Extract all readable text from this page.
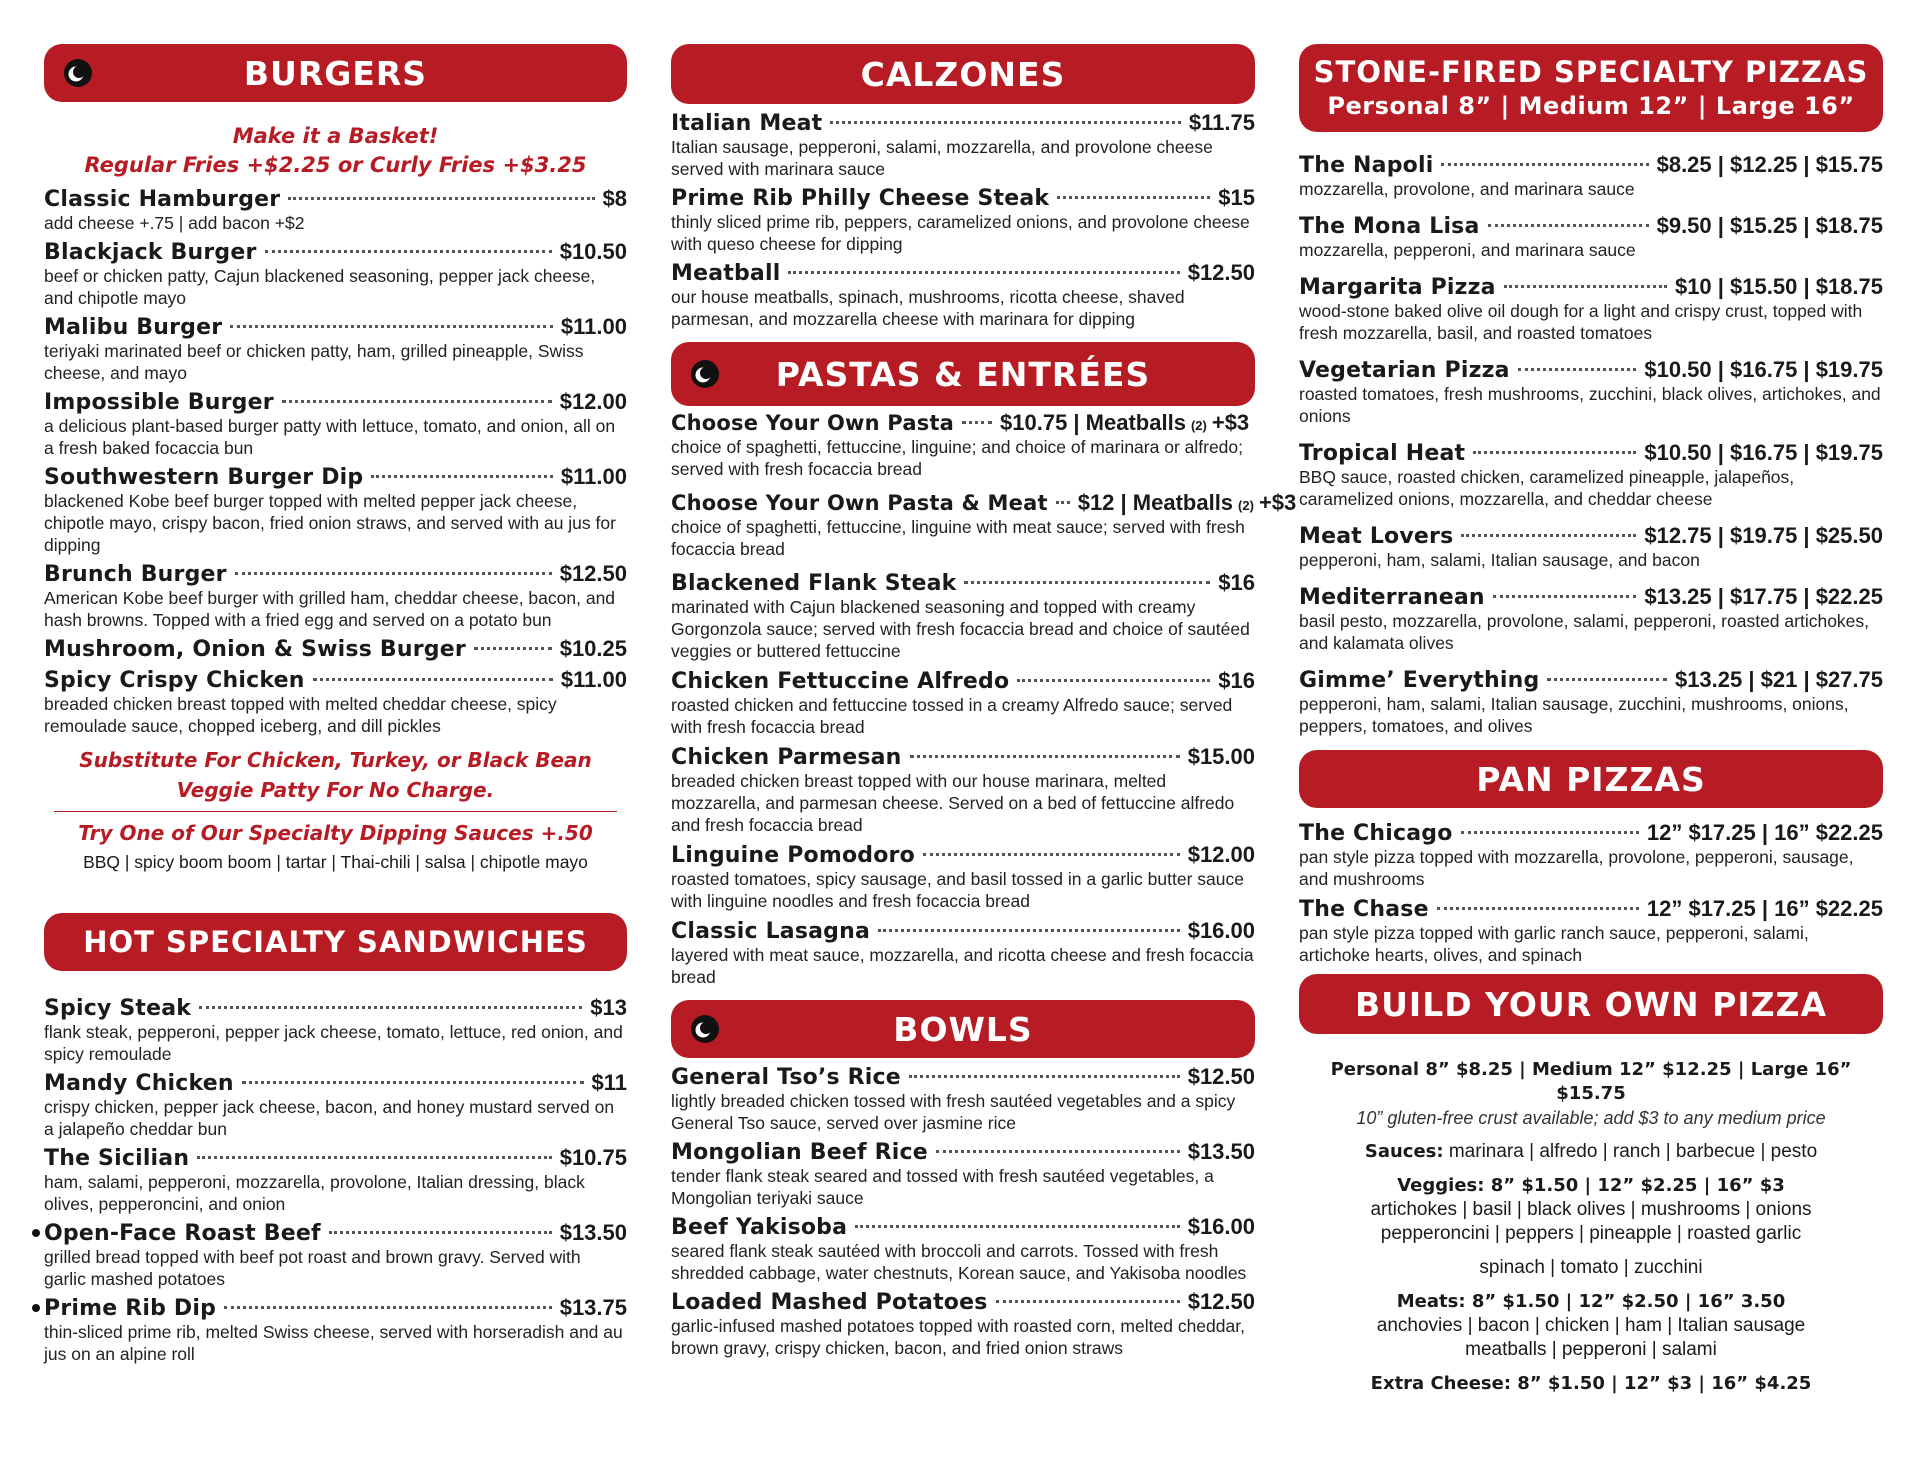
BURGERS
Make it a Basket!
Regular Fries +$2.25 or Curly Fries +$3.25
Classic Hamburger	$8
add cheese +.75 | add bacon +$2
Blackjack Burger	$10.50
beef or chicken patty, Cajun blackened seasoning, pepper jack cheese, and chipotle mayo
Malibu Burger	$11.00
teriyaki marinated beef or chicken patty, ham, grilled pineapple, Swiss cheese, and mayo
Impossible Burger	$12.00
a delicious plant-based burger patty with lettuce, tomato, and onion, all on a fresh baked focaccia bun
Southwestern Burger Dip	$11.00
blackened Kobe beef burger topped with melted pepper jack cheese, chipotle mayo, crispy bacon, fried onion straws, and served with au jus for dipping
Brunch Burger	$12.50
American Kobe beef burger with grilled ham, cheddar cheese, bacon, and hash browns. Topped with a fried egg and served on a potato bun
Mushroom, Onion & Swiss Burger	$10.25
Spicy Crispy Chicken	$11.00
breaded chicken breast topped with melted cheddar cheese, spicy remoulade sauce, chopped iceberg, and dill pickles
Substitute For Chicken, Turkey, or Black Bean
Veggie Patty For No Charge.
Try One of Our Specialty Dipping Sauces +.50
BBQ | spicy boom boom | tartar | Thai-chili | salsa | chipotle mayo
HOT SPECIALTY SANDWICHES
Spicy Steak	$13
flank steak, pepperoni, pepper jack cheese, tomato, lettuce, red onion, and spicy remoulade
Mandy Chicken	$11
crispy chicken, pepper jack cheese, bacon, and honey mustard served on a jalapeño cheddar bun
The Sicilian	$10.75
ham, salami, pepperoni, mozzarella, provolone, Italian dressing, black olives, pepperoncini, and onion
Open-Face Roast Beef	$13.50
grilled bread topped with beef pot roast and brown gravy. Served with garlic mashed potatoes
Prime Rib Dip	$13.75
thin-sliced prime rib, melted Swiss cheese, served with horseradish and au jus on an alpine roll
CALZONES
Italian Meat	$11.75
Italian sausage, pepperoni, salami, mozzarella, and provolone cheese served with marinara sauce
Prime Rib Philly Cheese Steak	$15
thinly sliced prime rib, peppers, caramelized onions, and provolone cheese with queso cheese for dipping
Meatball	$12.50
our house meatballs, spinach, mushrooms, ricotta cheese, shaved parmesan, and mozzarella cheese with marinara for dipping
PASTAS & ENTRÉES
Choose Your Own Pasta $10.75 | Meatballs (2) +$3
choice of spaghetti, fettuccine, linguine; and choice of marinara or alfredo; served with fresh focaccia bread
Choose Your Own Pasta & Meat $12 | Meatballs (2) +$3
choice of spaghetti, fettuccine, linguine with meat sauce; served with fresh focaccia bread
Blackened Flank Steak	$16
marinated with Cajun blackened seasoning and topped with creamy Gorgonzola sauce; served with fresh focaccia bread and choice of sautéed veggies or buttered fettuccine
Chicken Fettuccine Alfredo	$16
roasted chicken and fettuccine tossed in a creamy Alfredo sauce; served with fresh focaccia bread
Chicken Parmesan	$15.00
breaded chicken breast topped with our house marinara, melted mozzarella, and parmesan cheese. Served on a bed of fettuccine alfredo and fresh focaccia bread
Linguine Pomodoro	$12.00
roasted tomatoes, spicy sausage, and basil tossed in a garlic butter sauce with linguine noodles and fresh focaccia bread
Classic Lasagna	$16.00
layered with meat sauce, mozzarella, and ricotta cheese and fresh focaccia bread
BOWLS
General Tso’s Rice	$12.50
lightly breaded chicken tossed with fresh sautéed vegetables and a spicy General Tso sauce, served over jasmine rice
Mongolian Beef Rice	$13.50
tender flank steak seared and tossed with fresh sautéed vegetables, a Mongolian teriyaki sauce
Beef Yakisoba	$16.00
seared flank steak sautéed with broccoli and carrots. Tossed with fresh shredded cabbage, water chestnuts, Korean sauce, and Yakisoba noodles
Loaded Mashed Potatoes	$12.50
garlic-infused mashed potatoes topped with roasted corn, melted cheddar, brown gravy, crispy chicken, bacon, and fried onion straws
STONE-FIRED SPECIALTY PIZZAS
Personal 8” | Medium 12” | Large 16”
The Napoli	$8.25 | $12.25 | $15.75
mozzarella, provolone, and marinara sauce
The Mona Lisa	$9.50 | $15.25 | $18.75
mozzarella, pepperoni, and marinara sauce
Margarita Pizza	$10 | $15.50 | $18.75
wood-stone baked olive oil dough for a light and crispy crust, topped with fresh mozzarella, basil, and roasted tomatoes
Vegetarian Pizza	$10.50 | $16.75 | $19.75
roasted tomatoes, fresh mushrooms, zucchini, black olives, artichokes, and onions
Tropical Heat	$10.50 | $16.75 | $19.75
BBQ sauce, roasted chicken, caramelized pineapple, jalapeños, caramelized onions, mozzarella, and cheddar cheese
Meat Lovers	$12.75 | $19.75 | $25.50
pepperoni, ham, salami, Italian sausage, and bacon
Mediterranean	$13.25 | $17.75 | $22.25
basil pesto, mozzarella, provolone, salami, pepperoni, roasted artichokes, and kalamata olives
Gimme’ Everything	$13.25 | $21 | $27.75
pepperoni, ham, salami, Italian sausage, zucchini, mushrooms, onions, peppers, tomatoes, and olives
PAN PIZZAS
The Chicago	12” $17.25 | 16” $22.25
pan style pizza topped with mozzarella, provolone, pepperoni, sausage, and mushrooms
The Chase	12” $17.25 | 16” $22.25
pan style pizza topped with garlic ranch sauce, pepperoni, salami, artichoke hearts, olives, and spinach
BUILD YOUR OWN PIZZA
Personal 8” $8.25 | Medium 12” $12.25 | Large 16” $15.75
10” gluten-free crust available; add $3 to any medium price
Sauces: marinara | alfredo | ranch | barbecue | pesto
Veggies: 8” $1.50 | 12” $2.25 | 16” $3
artichokes | basil | black olives | mushrooms | onions
pepperoncini | peppers | pineapple | roasted garlic
spinach | tomato | zucchini
Meats: 8” $1.50 | 12” $2.50 | 16” 3.50
anchovies | bacon | chicken | ham | Italian sausage
meatballs | pepperoni | salami
Extra Cheese: 8” $1.50 | 12” $3 | 16” $4.25
